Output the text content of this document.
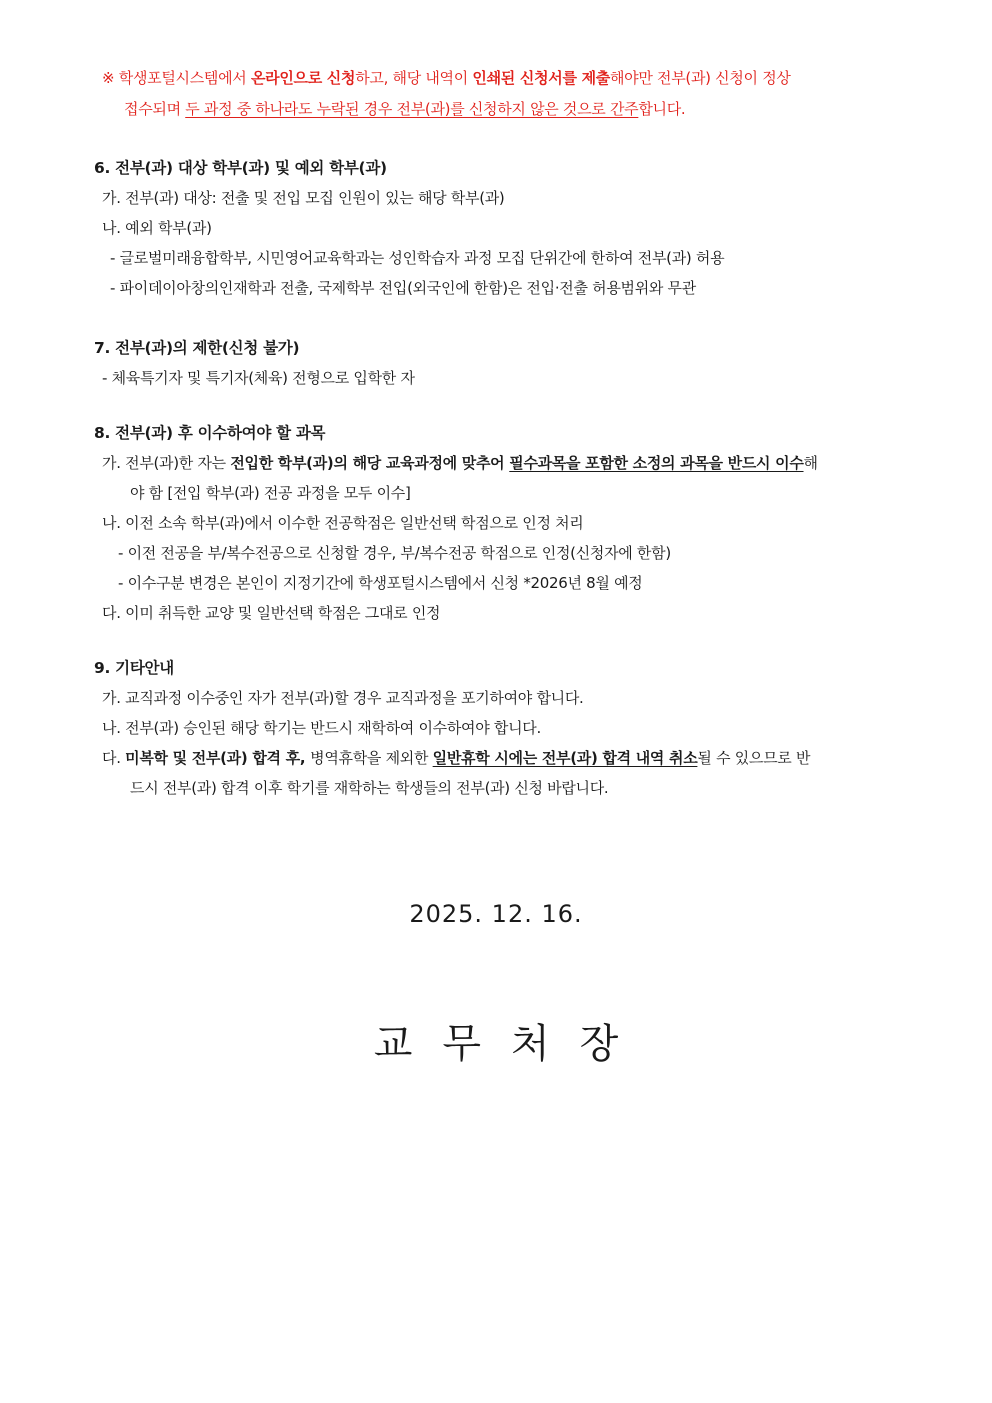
※ 학생포털시스템에서 온라인으로 신청하고, 해당 내역이 인쇄된 신청서를 제출해야만 전부(과) 신청이 정상
접수되며 두 과정 중 하나라도 누락된 경우 전부(과)를 신청하지 않은 것으로 간주합니다.
6. 전부(과) 대상 학부(과) 및 예외 학부(과)
가. 전부(과) 대상: 전출 및 전입 모집 인원이 있는 해당 학부(과)
나. 예외 학부(과)
- 글로벌미래융합학부, 시민영어교육학과는 성인학습자 과정 모집 단위간에 한하여 전부(과) 허용
- 파이데이아창의인재학과 전출, 국제학부 전입(외국인에 한함)은 전입·전출 허용범위와 무관
7. 전부(과)의 제한(신청 불가)
- 체육특기자 및 특기자(체육) 전형으로 입학한 자
8. 전부(과) 후 이수하여야 할 과목
가. 전부(과)한 자는 전입한 학부(과)의 해당 교육과정에 맞추어 필수과목을 포함한 소정의 과목을 반드시 이수해
야 함 [전입 학부(과) 전공 과정을 모두 이수]
나. 이전 소속 학부(과)에서 이수한 전공학점은 일반선택 학점으로 인정 처리
- 이전 전공을 부/복수전공으로 신청할 경우, 부/복수전공 학점으로 인정(신청자에 한함)
- 이수구분 변경은 본인이 지정기간에 학생포털시스템에서 신청 *2026년 8월 예정
다. 이미 취득한 교양 및 일반선택 학점은 그대로 인정
9. 기타안내
가. 교직과정 이수중인 자가 전부(과)할 경우 교직과정을 포기하여야 합니다.
나. 전부(과) 승인된 해당 학기는 반드시 재학하여 이수하여야 합니다.
다. 미복학 및 전부(과) 합격 후, 병역휴학을 제외한 일반휴학 시에는 전부(과) 합격 내역 취소될 수 있으므로 반
드시 전부(과) 합격 이후 학기를 재학하는 학생들의 전부(과) 신청 바랍니다.
2025. 12. 16.
교무처장
